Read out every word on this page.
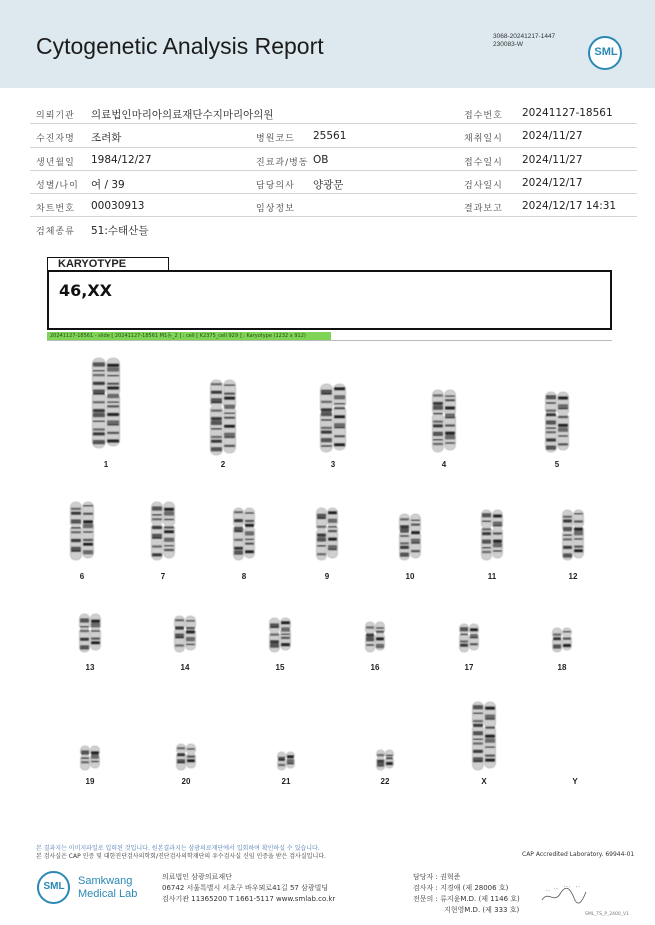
Cytogenetic Analysis Report	3068-20241217-1447
230083-W
SML
의뢰기관 의료법인마리아의료재단수지마리아의원	접수번호 20241127-18561
수진자명 조려화	병원코드 25561	채취일시 2024/11/27
생년월일 1984/12/27	진료과/병동 OB	접수일시 2024/11/27
성별/나이 여 / 39	담당의사 양광문	검사일시 2024/12/17
차트번호 00030913	임상정보	결과보고 2024/12/17 14:31
검체종류 51:수태산들
KARYOTYPE
46,XX
20241127-18561 - slide [ 20241127-18561 M1동_2 ] : cell [ K2375_cell 929 ] : Karyotype (1232 x 912)
1	2	3	4	5
6	7	8	9	10	11	12
13	14	15	16	17	18
19	20	21	22	X	Y
본 결과지는 이미지파일로 입력된 것입니다. 원본결과지는 삼광의료재단에서 입회하여 확인하실 수 있습니다.
본 검사실은 CAP 인증 및 대한진단검사의학회/진단검사의학재단의 우수검사실 신임 인증을 받은 검사실입니다.	CAP Accredited Laboratory. 69944-01
SML	Samkwang
Medical Lab
의료법인 삼광의료재단
06742 서울특별시 서초구 바우뫼로41길 57 삼광빌딩
검사기관 11365200 T 1661-5117 www.smlab.co.kr
담당자 : 권혁준
검사자 : 지경애 (제 28006 호)
전문의 : 류지윤M.D. (제 1146 호)
지현영M.D. (제 333 호)
SML_TS_P_2400_V1
